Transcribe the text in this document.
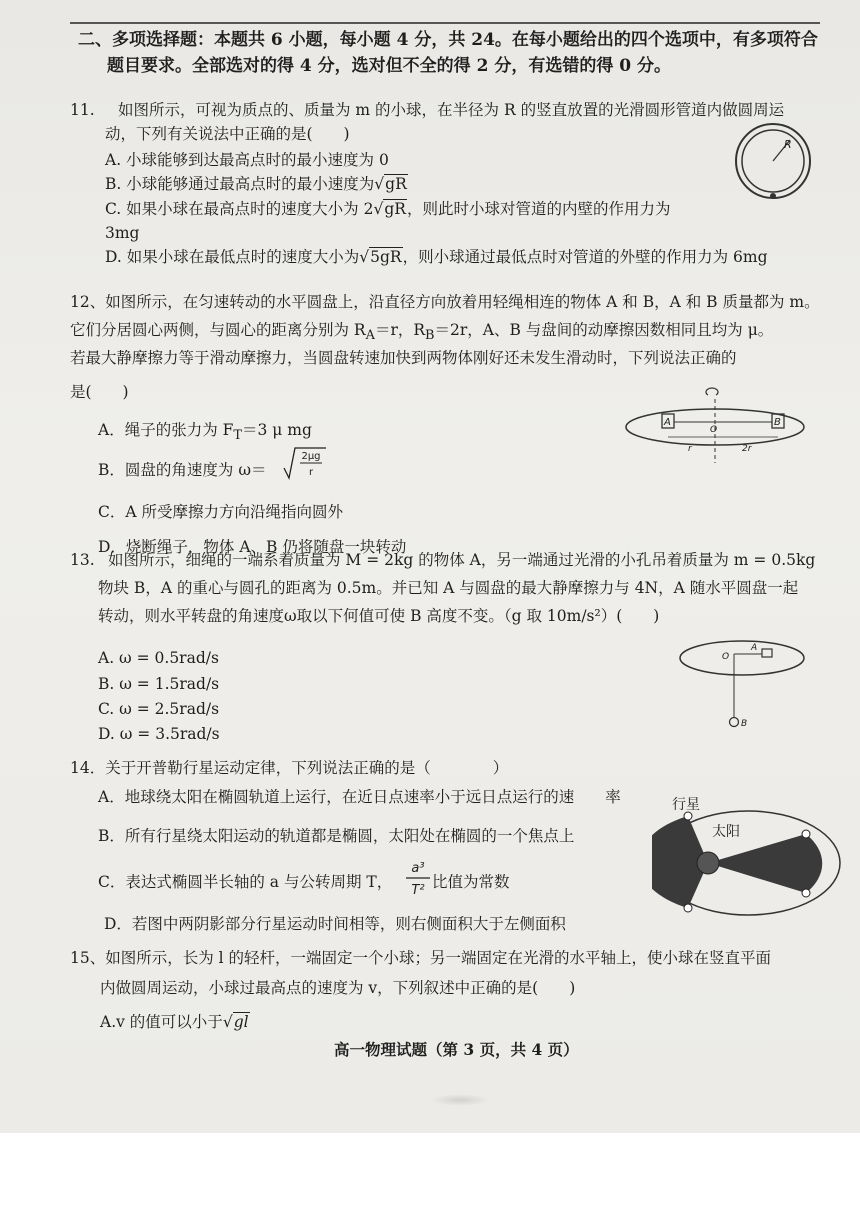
二、多项选择题：本题共 6 小题，每小题 4 分，共 24。在每小题给出的四个选项中，有多项符合
题目要求。全部选对的得 4 分，选对但不全的得 2 分，有选错的得 0 分。
11. 如图所示，可视为质点的、质量为 m 的小球，在半径为 R 的竖直放置的光滑圆形管道内做圆周运
动，下列有关说法中正确的是(　　)
A. 小球能够到达最高点时的最小速度为 0
B. 小球能够通过最高点时的最小速度为√gR
C. 如果小球在最高点时的速度大小为 2√gR，则此时小球对管道的内壁的作用力为
3mg
D. 如果小球在最低点时的速度大小为√5gR，则小球通过最低点时对管道的外壁的作用力为 6mg
R
12、如图所示，在匀速转动的水平圆盘上，沿直径方向放着用轻绳相连的物体 A 和 B，A 和 B 质量都为 m。
它们分居圆心两侧，与圆心的距离分别为 $R_A=r$，$R_B=2r$，A、B 与盘间的动摩擦因数相同且均为 μ。
若最大静摩擦力等于滑动摩擦力，当圆盘转速加快到两物体刚好还未发生滑动时，下列说法正确的
是(　　)
A．绳子的张力为 $F_T=3$ μ mg
B．圆盘的角速度为 ω＝
2μg
r
C．A 所受摩擦力方向沿绳指向圆外
D．烧断绳子，物体 A、B 仍将随盘一块转动
A	B
O
r	2r
13. 如图所示，细绳的一端系着质量为 M = 2kg 的物体 A，另一端通过光滑的小孔吊着质量为 m = 0.5kg
物块 B，A 的重心与圆孔的距离为 0.5m。并已知 A 与圆盘的最大静摩擦力与 4N，A 随水平圆盘一起
转动，则水平转盘的角速度ω取以下何值可使 B 高度不变。（g 取 10m/s²）(　　)
A. ω = 0.5rad/s
B. ω = 1.5rad/s
C. ω = 2.5rad/s
D. ω = 3.5rad/s
O
A
B
14．关于开普勒行星运动定律，下列说法正确的是（　　　　）
A．地球绕太阳在椭圆轨道上运行，在近日点速率小于远日点运行的速　　率
B．所有行星绕太阳运动的轨道都是椭圆，太阳处在椭圆的一个焦点上
C．表达式椭圆半长轴的 a 与公转周期 T，
a³
T² 比值为常数
D．若图中两阴影部分行星运动时间相等，则右侧面积大于左侧面积
行星
太阳
15、如图所示，长为 l 的轻杆，一端固定一个小球；另一端固定在光滑的水平轴上，使小球在竖直平面
内做圆周运动，小球过最高点的速度为 v，下列叙述中正确的是(　　)
A.v 的值可以小于√gl
高一物理试题（第 3 页，共 4 页）
